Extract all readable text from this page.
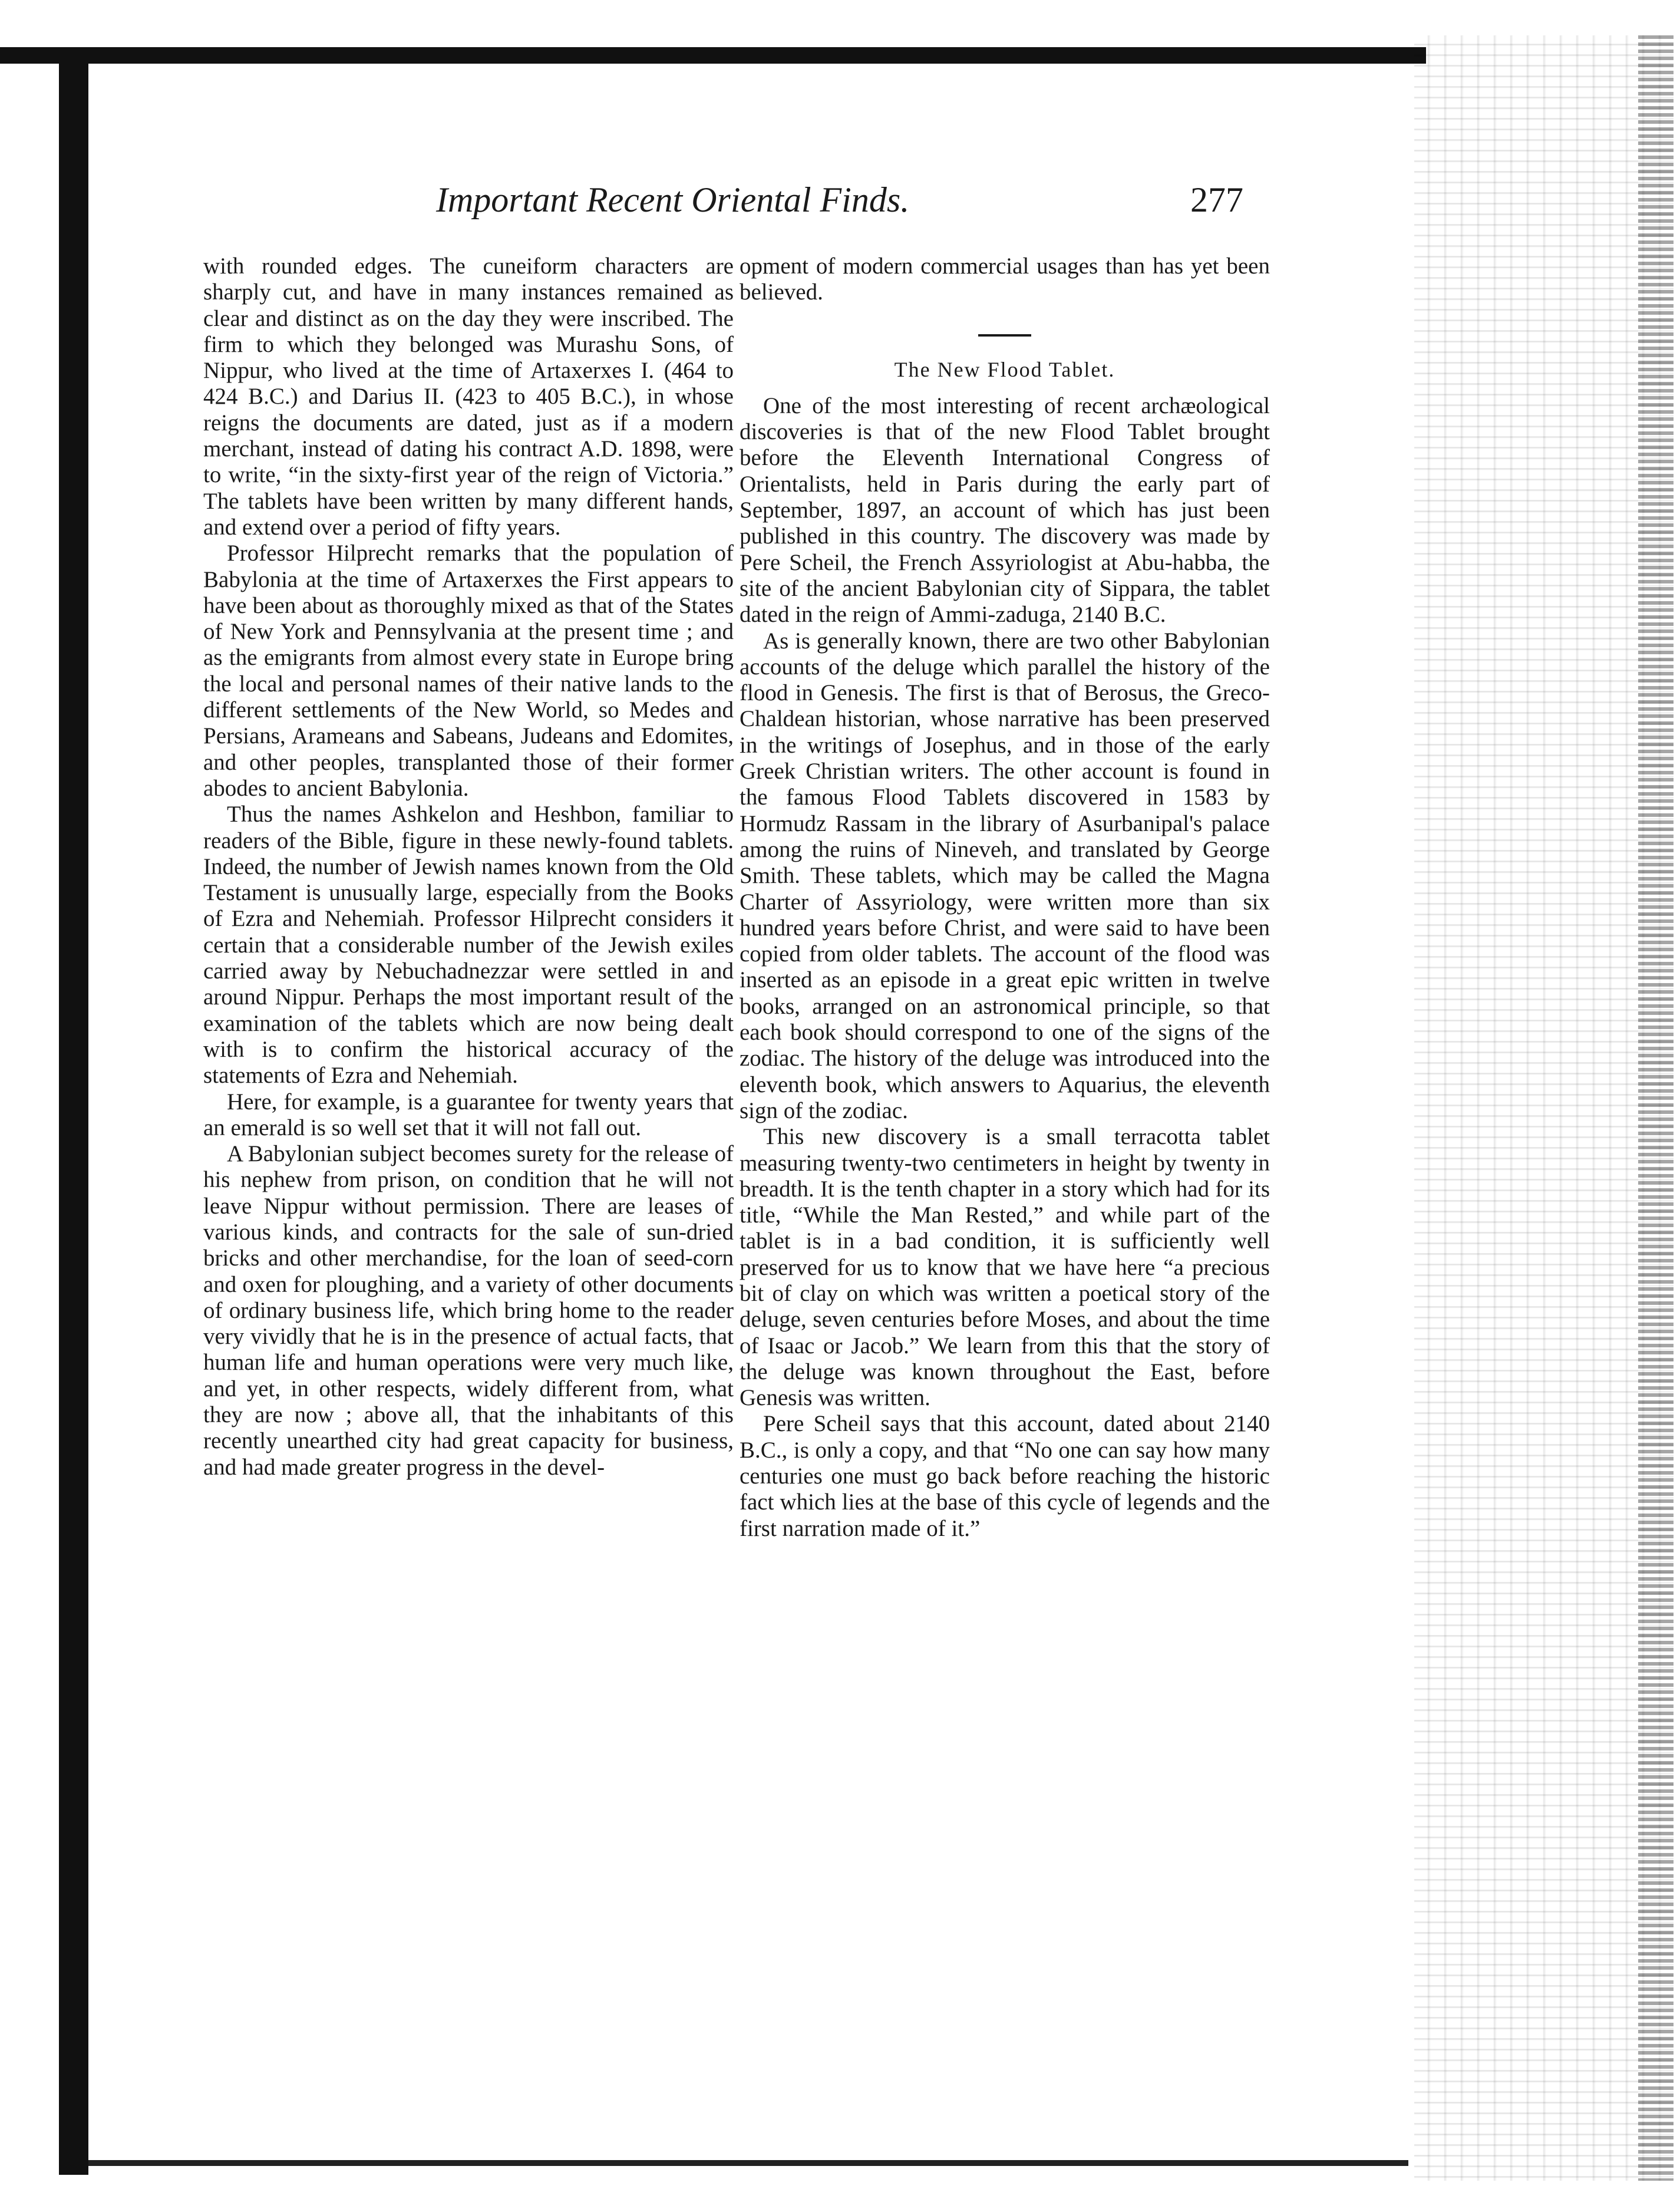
Important Recent Oriental Finds.	277

with rounded edges. The cuneiform characters are sharply cut, and have in many instances remained as clear and distinct as on the day they were inscribed. The firm to which they belonged was Murashu Sons, of Nippur, who lived at the time of Artaxerxes I. (464 to 424 B.C.) and Darius II. (423 to 405 B.C.), in whose reigns the documents are dated, just as if a modern merchant, instead of dating his contract A.D. 1898, were to write, “in the sixty-first year of the reign of Victoria.” The tablets have been written by many different hands, and extend over a period of fifty years.

Professor Hilprecht remarks that the population of Babylonia at the time of Artaxerxes the First appears to have been about as thoroughly mixed as that of the States of New York and Pennsylvania at the present time ; and as the emigrants from almost every state in Europe bring the local and personal names of their native lands to the different settlements of the New World, so Medes and Persians, Arameans and Sabeans, Judeans and Edomites, and other peoples, transplanted those of their former abodes to ancient Babylonia.

Thus the names Ashkelon and Heshbon, familiar to readers of the Bible, figure in these newly-found tablets. Indeed, the number of Jewish names known from the Old Testament is unusually large, especially from the Books of Ezra and Nehemiah. Professor Hilprecht considers it certain that a considerable number of the Jewish exiles carried away by Nebuchadnezzar were settled in and around Nippur. Perhaps the most important result of the examination of the tablets which are now being dealt with is to confirm the historical accuracy of the statements of Ezra and Nehemiah.

Here, for example, is a guarantee for twenty years that an emerald is so well set that it will not fall out.

A Babylonian subject becomes surety for the release of his nephew from prison, on condition that he will not leave Nippur without permission. There are leases of various kinds, and contracts for the sale of sun-dried bricks and other merchandise, for the loan of seed-corn and oxen for ploughing, and a variety of other documents of ordinary business life, which bring home to the reader very vividly that he is in the presence of actual facts, that human life and human operations were very much like, and yet, in other respects, widely different from, what they are now ; above all, that the inhabitants of this recently unearthed city had great capacity for business, and had made greater progress in the devel-

opment of modern commercial usages than has yet been believed.

The New Flood Tablet.

One of the most interesting of recent archæological discoveries is that of the new Flood Tablet brought before the Eleventh International Congress of Orientalists, held in Paris during the early part of September, 1897, an account of which has just been published in this country. The discovery was made by Pere Scheil, the French Assyriologist at Abu-habba, the site of the ancient Babylonian city of Sippara, the tablet dated in the reign of Ammi-zaduga, 2140 B.C.

As is generally known, there are two other Babylonian accounts of the deluge which parallel the history of the flood in Genesis. The first is that of Berosus, the Greco-Chaldean historian, whose narrative has been preserved in the writings of Josephus, and in those of the early Greek Christian writers. The other account is found in the famous Flood Tablets discovered in 1583 by Hormudz Rassam in the library of Asurbanipal's palace among the ruins of Nineveh, and translated by George Smith. These tablets, which may be called the Magna Charter of Assyriology, were written more than six hundred years before Christ, and were said to have been copied from older tablets. The account of the flood was inserted as an episode in a great epic written in twelve books, arranged on an astronomical principle, so that each book should correspond to one of the signs of the zodiac. The history of the deluge was introduced into the eleventh book, which answers to Aquarius, the eleventh sign of the zodiac.

This new discovery is a small terracotta tablet measuring twenty-two centimeters in height by twenty in breadth. It is the tenth chapter in a story which had for its title, “While the Man Rested,” and while part of the tablet is in a bad condition, it is sufficiently well preserved for us to know that we have here “a precious bit of clay on which was written a poetical story of the deluge, seven centuries before Moses, and about the time of Isaac or Jacob.” We learn from this that the story of the deluge was known throughout the East, before Genesis was written.

Pere Scheil says that this account, dated about 2140 B.C., is only a copy, and that “No one can say how many centuries one must go back before reaching the historic fact which lies at the base of this cycle of legends and the first narration made of it.”
